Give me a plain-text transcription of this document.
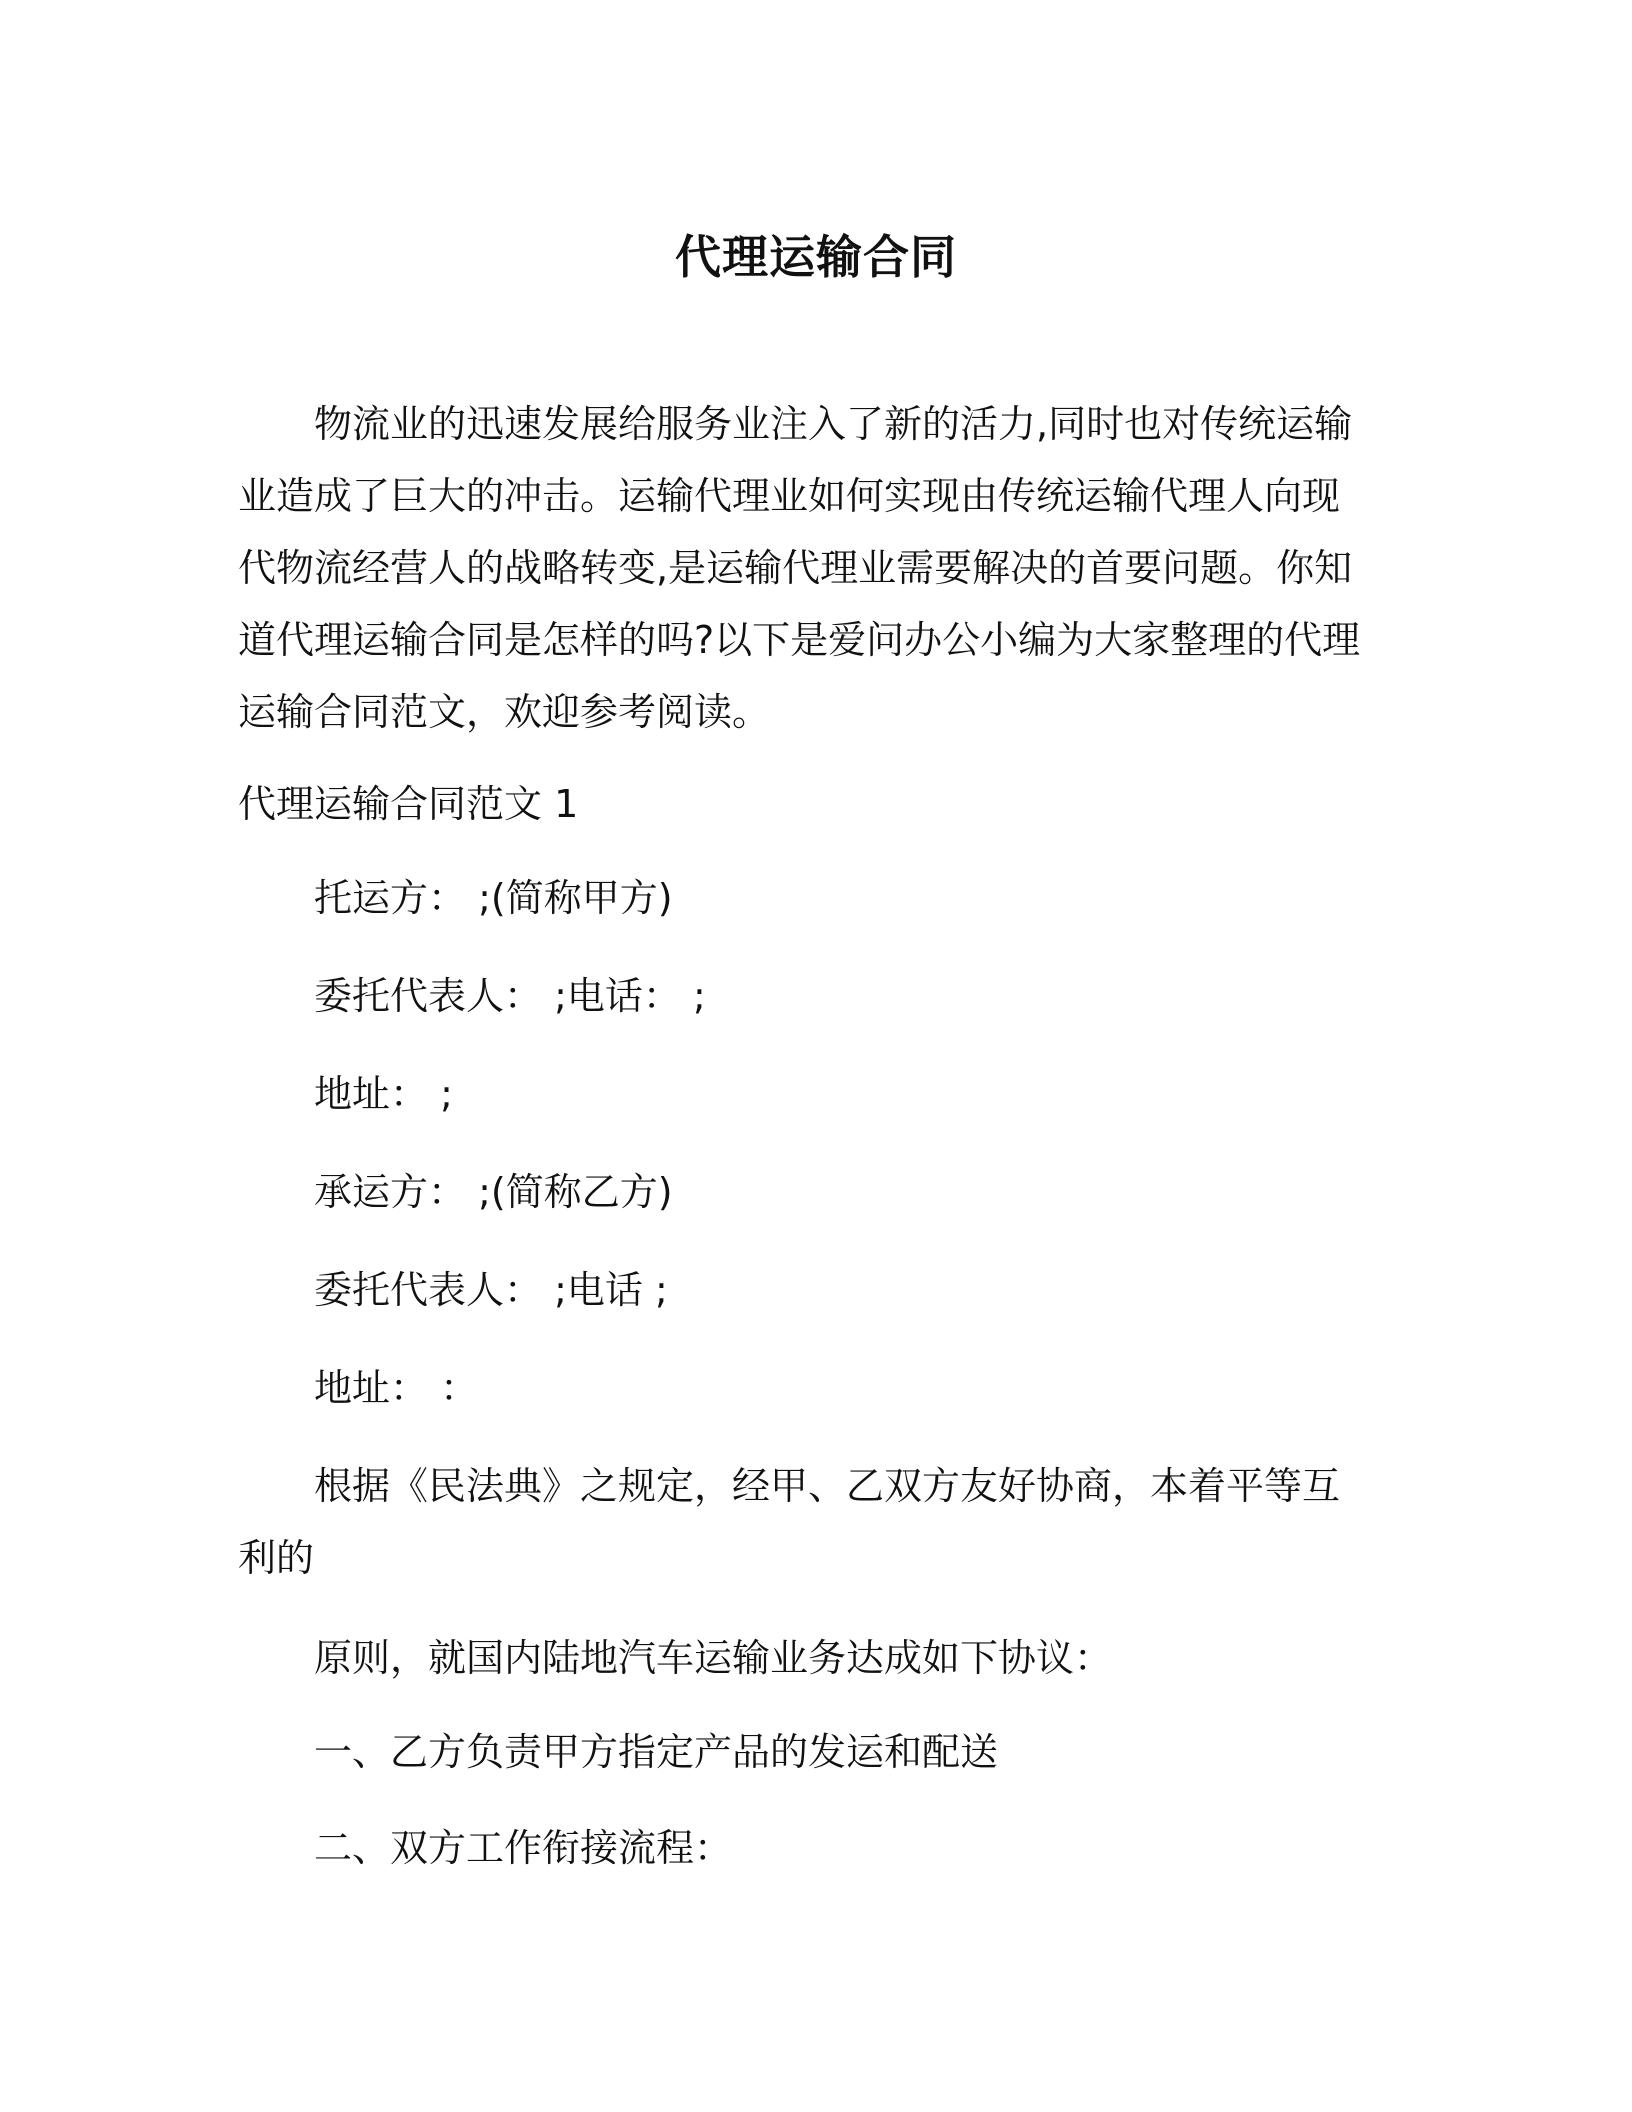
代理运输合同

物流业的迅速发展给服务业注入了新的活力,同时也对传统运输业造成了巨大的冲击。运输代理业如何实现由传统运输代理人向现代物流经营人的战略转变,是运输代理业需要解决的首要问题。你知道代理运输合同是怎样的吗?以下是爱问办公小编为大家整理的代理运输合同范文，欢迎参考阅读。

代理运输合同范文 1

托运方： ;(简称甲方)

委托代表人： ;电话： ;

地址： ;

承运方： ;(简称乙方)

委托代表人： ;电话 ;

地址： ：

根据《民法典》之规定，经甲、乙双方友好协商，本着平等互利的

原则，就国内陆地汽车运输业务达成如下协议：

一、乙方负责甲方指定产品的发运和配送

二、双方工作衔接流程：
